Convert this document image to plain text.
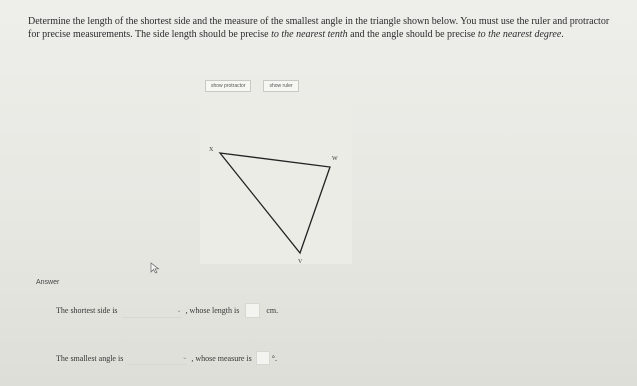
Determine the length of the shortest side and the measure of the smallest angle in the triangle shown below. You must use the ruler and protractor for precise measurements. The side length should be precise to the nearest tenth and the angle should be precise to the nearest degree.
show protractor	show ruler
X
W
V
Answer
The shortest side is	⌄ , whose length is	cm.
The smallest angle is	⌄ , whose measure is	°.
